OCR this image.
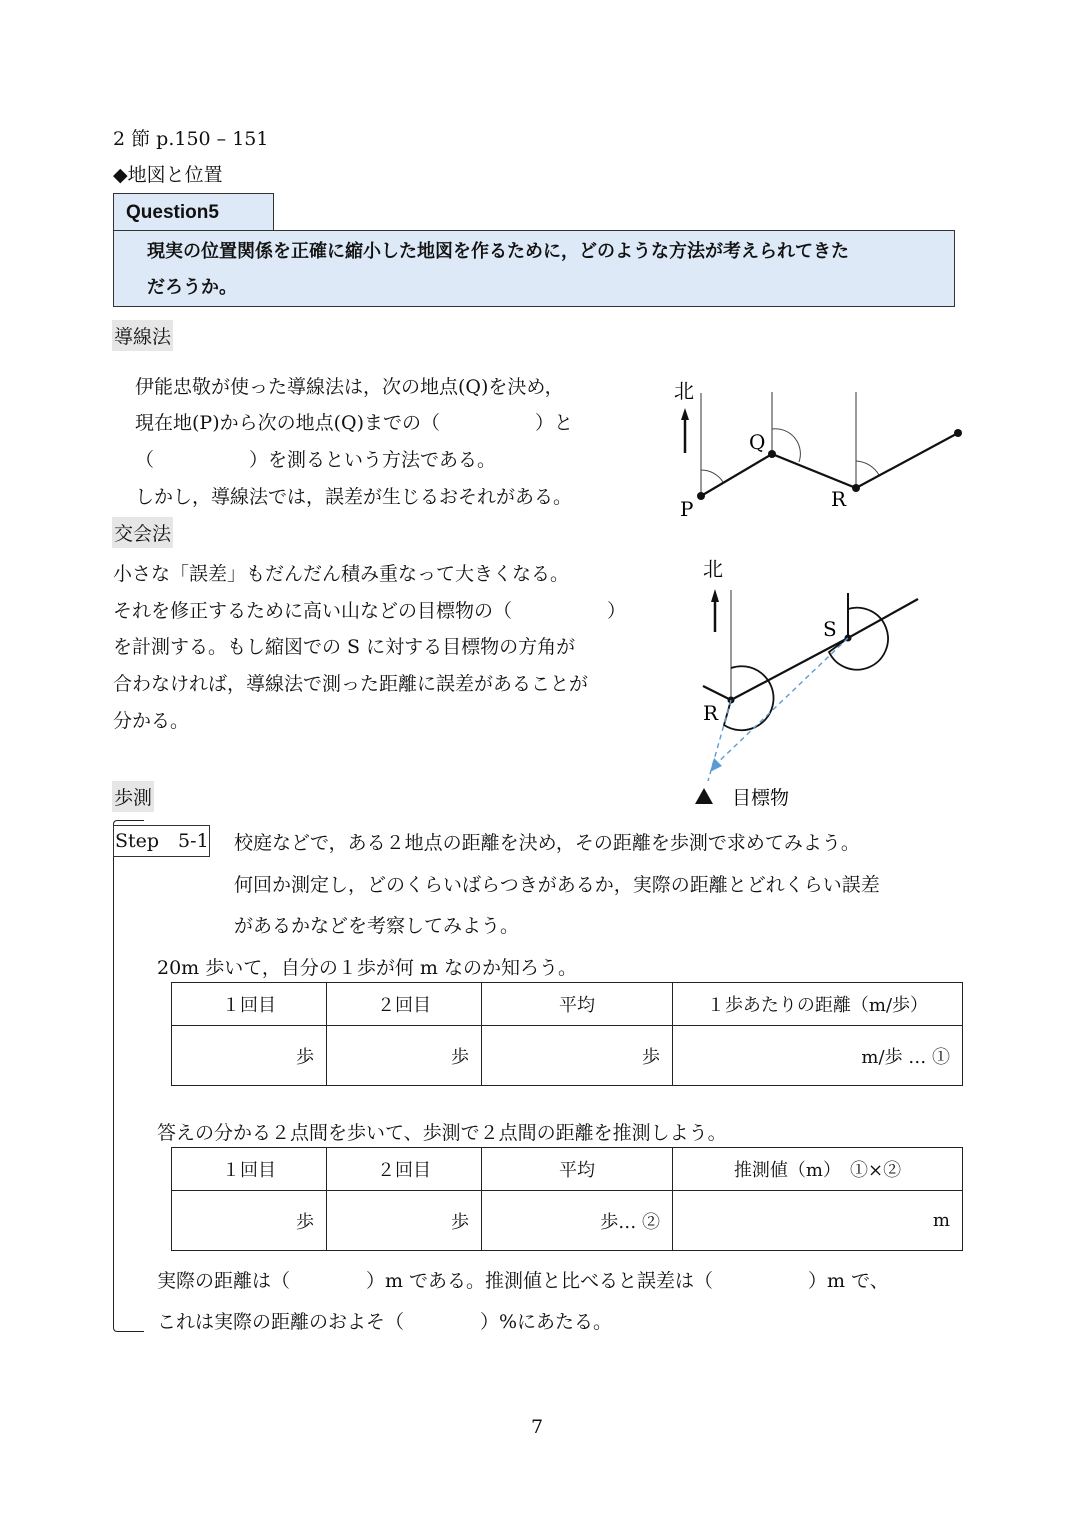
2 節 p.150 – 151
◆地図と位置
Question5
現実の位置関係を正確に縮小した地図を作るために，どのような方法が考えられてきた
だろうか。
導線法
伊能忠敬が使った導線法は，次の地点(Q)を決め，
現在地(P)から次の地点(Q)までの（　　　　　）と
（　　　　　）を測るという方法である。
しかし，導線法では，誤差が生じるおそれがある。
北
P
Q
R
交会法
小さな「誤差」もだんだん積み重なって大きくなる。
それを修正するために高い山などの目標物の（　　　　　）
を計測する。もし縮図での S に対する目標物の方角が
合わなければ，導線法で測った距離に誤差があることが
分かる。
北
R
S
目標物
歩測
Step　5-1 校庭などで，ある２地点の距離を決め，その距離を歩測で求めてみよう。
何回か測定し，どのくらいばらつきがあるか，実際の距離とどれくらい誤差
があるかなどを考察してみよう。
20m 歩いて，自分の１歩が何 m なのか知ろう。
１回目	２回目	平均	１歩あたりの距離（m/歩）
歩	歩	歩	m/歩 … ①
答えの分かる２点間を歩いて、歩測で２点間の距離を推測しよう。
１回目	２回目	平均	推測値（m）　①×②
歩	歩	歩… ②	m
実際の距離は（　　　　）m である。推測値と比べると誤差は（　　　　　）m で、
これは実際の距離のおよそ（　　　　）%にあたる。
7
